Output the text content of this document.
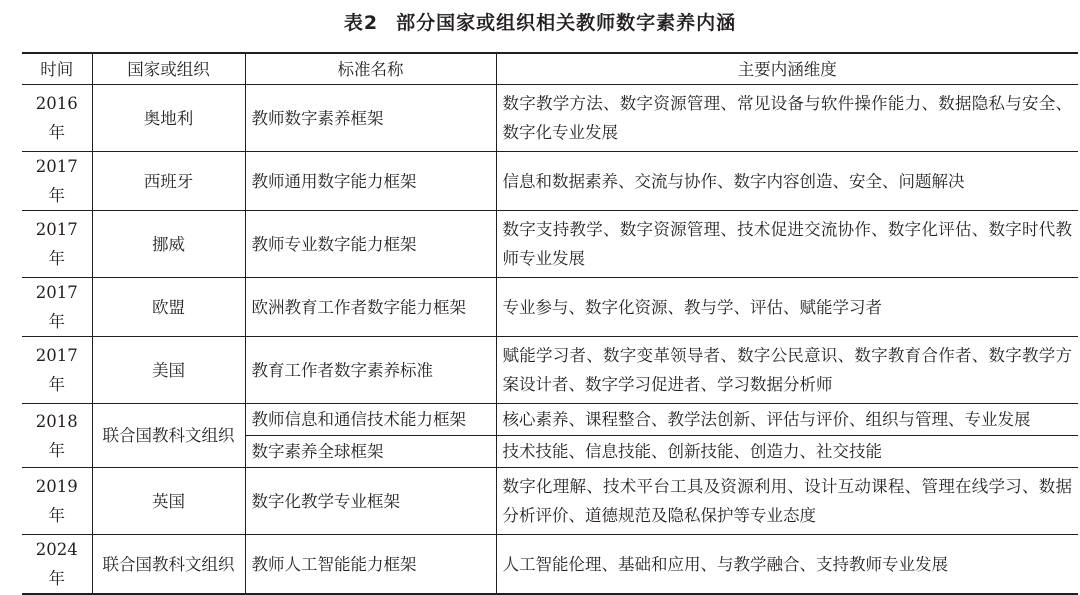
表2 部分国家或组织相关教师数字素养内涵
时间	国家或组织	标准名称	主要内涵维度
2016年	奥地利	教师数字素养框架	数字教学方法、数字资源管理、常见设备与软件操作能力、数据隐私与安全、数字化专业发展
2017年	西班牙	教师通用数字能力框架	信息和数据素养、交流与协作、数字内容创造、安全、问题解决
2017年	挪威	教师专业数字能力框架	数字支持教学、数字资源管理、技术促进交流协作、数字化评估、数字时代教师专业发展
2017年	欧盟	欧洲教育工作者数字能力框架	专业参与、数字化资源、教与学、评估、赋能学习者
2017年	美国	教育工作者数字素养标准	赋能学习者、数字变革领导者、数字公民意识、数字教育合作者、数字教学方案设计者、数字学习促进者、学习数据分析师
2018年	联合国教科文组织	教师信息和通信技术能力框架	核心素养、课程整合、教学法创新、评估与评价、组织与管理、专业发展
		数字素养全球框架	技术技能、信息技能、创新技能、创造力、社交技能
2019年	英国	数字化教学专业框架	数字化理解、技术平台工具及资源利用、设计互动课程、管理在线学习、数据分析评价、道德规范及隐私保护等专业态度
2024年	联合国教科文组织	教师人工智能能力框架	人工智能伦理、基础和应用、与教学融合、支持教师专业发展
